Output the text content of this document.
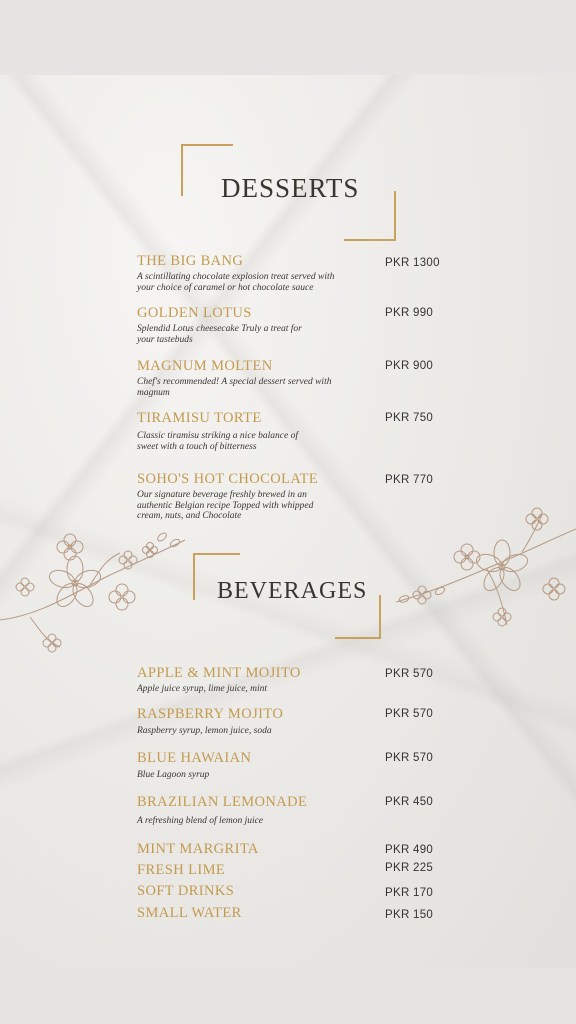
DESSERTS
THE BIG BANG
A scintillating chocolate explosion treat served with your choice of caramel or hot chocolate sauce
PKR 1300
GOLDEN LOTUS
Splendid Lotus cheesecake Truly a treat for your tastebuds
PKR 990
MAGNUM MOLTEN
Chef's recommended! A special dessert served with magnum
PKR 900
TIRAMISU TORTE
Classic tiramisu striking a nice balance of sweet with a touch of bitterness
PKR 750
SOHO'S HOT CHOCOLATE
Our signature beverage freshly brewed in an authentic Belgian recipe Topped with whipped cream, nuts, and Chocolate
PKR 770
BEVERAGES
APPLE & MINT MOJITO
Apple juice syrup, lime juice, mint
PKR 570
RASPBERRY MOJITO
Raspberry syrup, lemon juice, soda
PKR 570
BLUE HAWAIAN
Blue Lagoon syrup
PKR 570
BRAZILIAN LEMONADE
A refreshing blend of lemon juice
PKR 450
MINT MARGRITA	PKR 490
FRESH LIME	PKR 225
SOFT DRINKS	PKR 170
SMALL WATER	PKR 150
